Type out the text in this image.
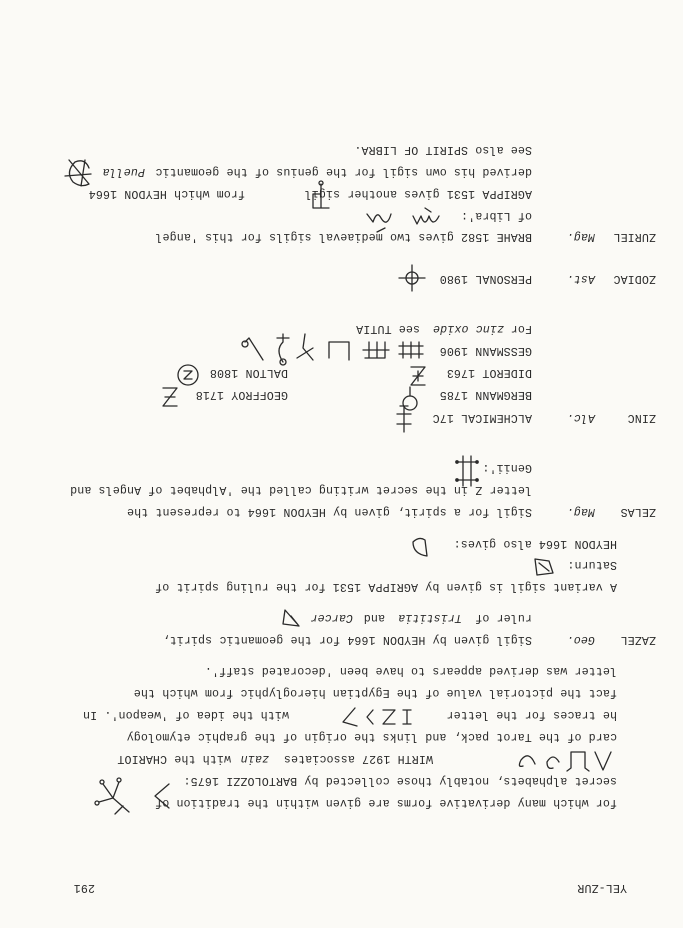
YEL-ZUR
291
for which many derivative forms are given within the tradition of
secret alphabets, notably those collected by BARTOLOZZI 1675:
WIRTH 1927 associates
zain
with the CHARIOT
card of the Tarot pack, and links the origin of the graphic etymology
he traces for the letter
with the idea of 'weapon'. In
fact the pictorial value of the Egyptian hieroglyphic from which the
letter was derived appears to have been 'decorated staff'.
ZAZEL
Geo.
Sigil given by HEYDON 1664 for the geomantic spirit,
ruler of
Tristitia
and
Carcer
A variant sigil is given by AGRIPPA 1531 for the ruling spirit of
Saturn:
HEYDON 1664 also gives:
ZELAS
Mag.
Sigil for a spirit, given by HEYDON 1664 to represent the
letter Z in the secret writing called the 'Alphabet of Angels and
Genii':
ZINC
Alc.
ALCHEMICAL 17C
BERGMANN 1785
GEOFFROY 1718
DIDEROT 1763
DALTON 1808
GESSMANN 1906
For
zinc oxide
see TUTIA
ZODIAC
Ast.
PERSONAL 1980
ZURIEL
Mag.
BRAHE 1582 gives two mediaeval sigils for this 'angel
of Libra':
AGRIPPA 1531 gives another sigil
from which HEYDON 1664
derived his own sigil for the genius of the geomantic
Puella
See also SPIRIT OF LIBRA.
